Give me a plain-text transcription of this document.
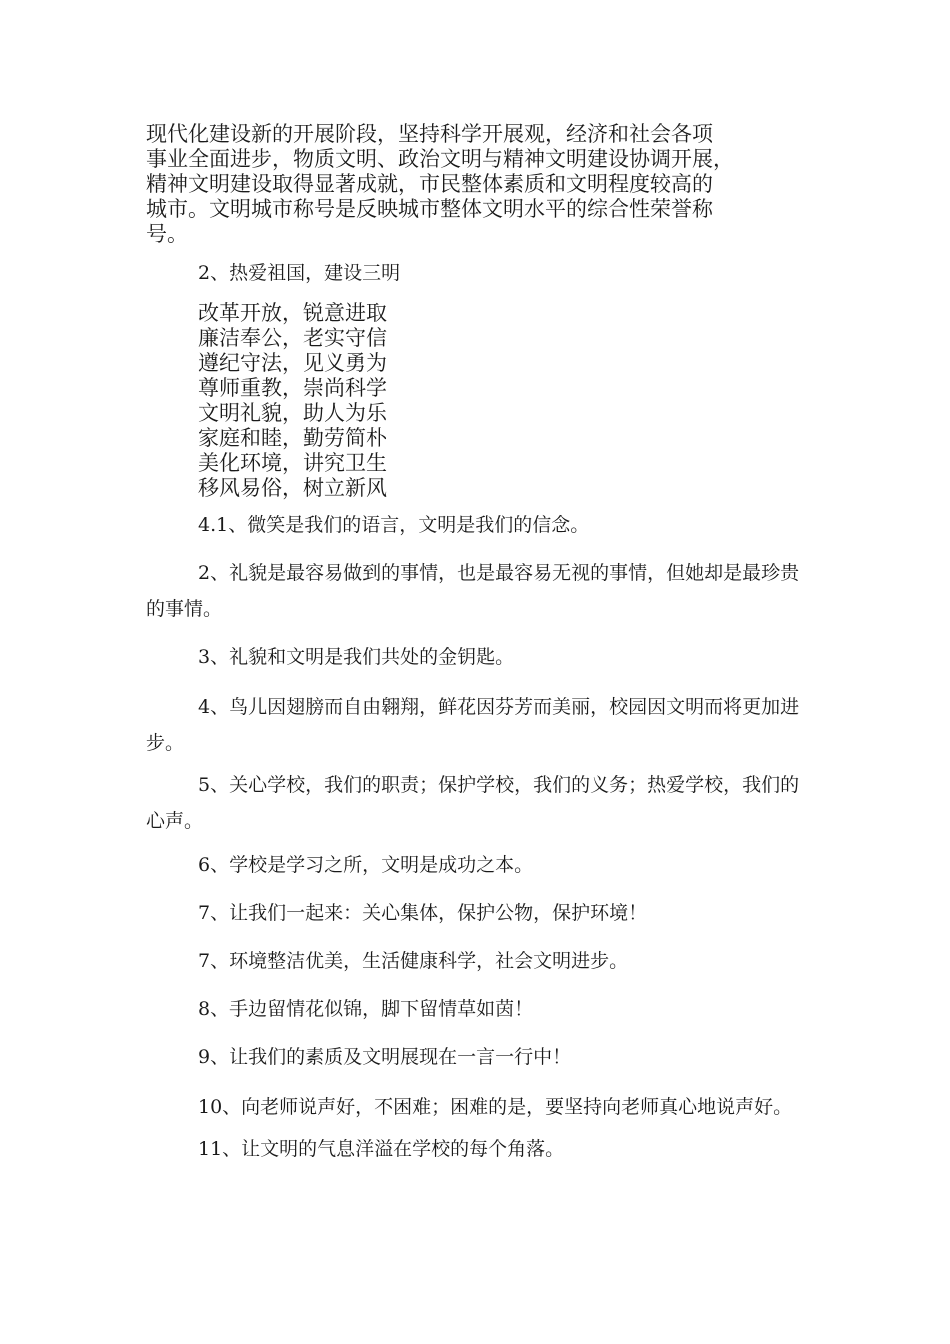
现代化建设新的开展阶段，坚持科学开展观，经济和社会各项
事业全面进步，物质文明、政治文明与精神文明建设协调开展，
精神文明建设取得显著成就，市民整体素质和文明程度较高的
城市。文明城市称号是反映城市整体文明水平的综合性荣誉称
号。

2、热爱祖国，建设三明

改革开放，锐意进取
廉洁奉公，老实守信
遵纪守法，见义勇为
尊师重教，崇尚科学
文明礼貌，助人为乐
家庭和睦，勤劳简朴
美化环境，讲究卫生
移风易俗，树立新风

4.1、微笑是我们的语言，文明是我们的信念。

2、礼貌是最容易做到的事情，也是最容易无视的事情，但她却是最珍贵的事情。

3、礼貌和文明是我们共处的金钥匙。

4、鸟儿因翅膀而自由翱翔，鲜花因芬芳而美丽，校园因文明而将更加进步。

5、关心学校，我们的职责；保护学校，我们的义务；热爱学校，我们的心声。

6、学校是学习之所，文明是成功之本。

7、让我们一起来：关心集体，保护公物，保护环境！

7、环境整洁优美，生活健康科学，社会文明进步。

8、手边留情花似锦，脚下留情草如茵！

9、让我们的素质及文明展现在一言一行中！

10、向老师说声好，不困难；困难的是，要坚持向老师真心地说声好。

11、让文明的气息洋溢在学校的每个角落。
